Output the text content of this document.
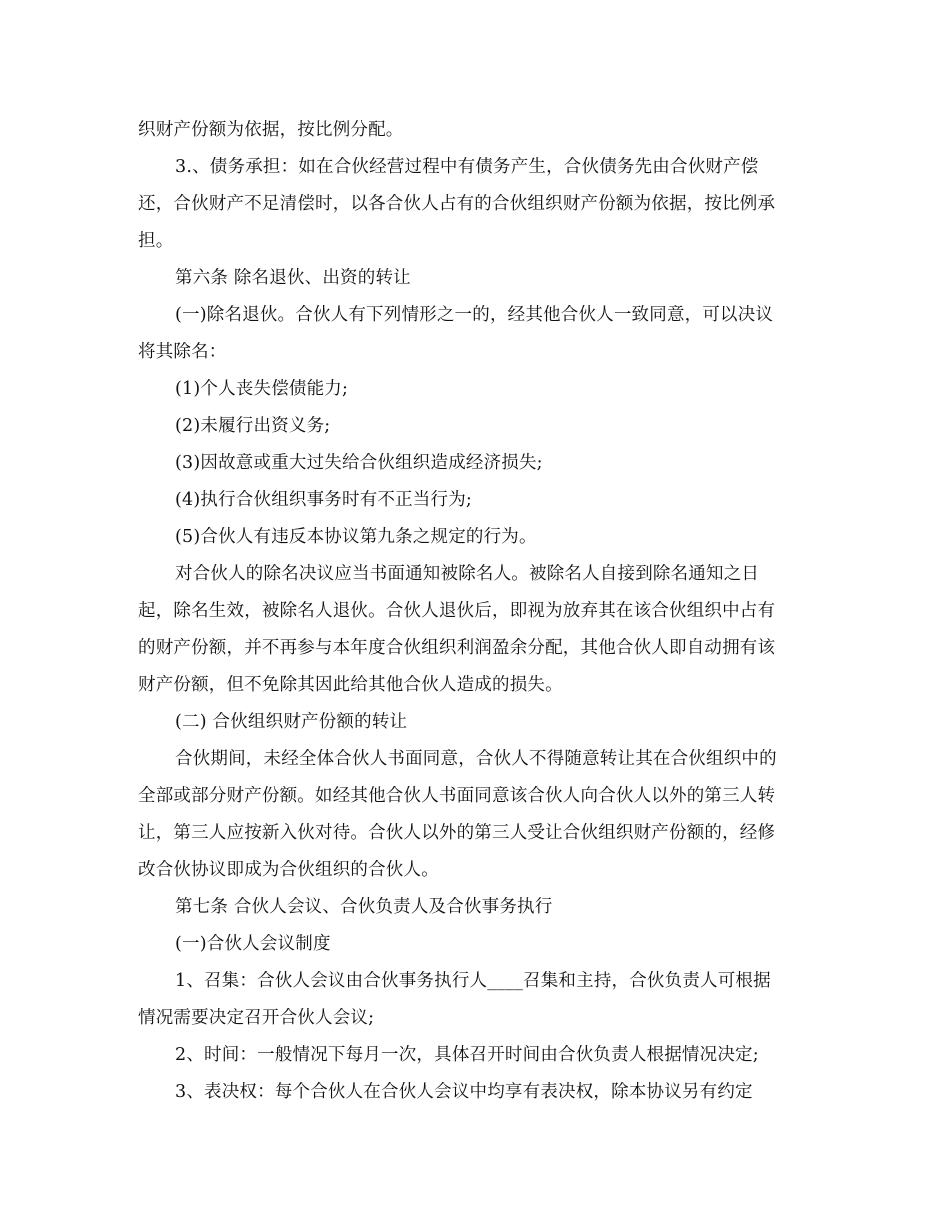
织财产份额为依据，按比例分配。
3.、债务承担：如在合伙经营过程中有债务产生，合伙债务先由合伙财产偿
还，合伙财产不足清偿时，以各合伙人占有的合伙组织财产份额为依据，按比例承
担。
第六条 除名退伙、出资的转让
(一)除名退伙。合伙人有下列情形之一的，经其他合伙人一致同意，可以决议
将其除名：
(1)个人丧失偿债能力;
(2)未履行出资义务;
(3)因故意或重大过失给合伙组织造成经济损失;
(4)执行合伙组织事务时有不正当行为;
(5)合伙人有违反本协议第九条之规定的行为。
对合伙人的除名决议应当书面通知被除名人。被除名人自接到除名通知之日
起，除名生效，被除名人退伙。合伙人退伙后，即视为放弃其在该合伙组织中占有
的财产份额，并不再参与本年度合伙组织利润盈余分配，其他合伙人即自动拥有该
财产份额，但不免除其因此给其他合伙人造成的损失。
(二) 合伙组织财产份额的转让
合伙期间，未经全体合伙人书面同意，合伙人不得随意转让其在合伙组织中的
全部或部分财产份额。如经其他合伙人书面同意该合伙人向合伙人以外的第三人转
让，第三人应按新入伙对待。合伙人以外的第三人受让合伙组织财产份额的，经修
改合伙协议即成为合伙组织的合伙人。
第七条 合伙人会议、合伙负责人及合伙事务执行
(一)合伙人会议制度
1、召集：合伙人会议由合伙事务执行人____召集和主持，合伙负责人可根据
情况需要决定召开合伙人会议;
2、时间：一般情况下每月一次，具体召开时间由合伙负责人根据情况决定;
3、表决权：每个合伙人在合伙人会议中均享有表决权，除本协议另有约定
